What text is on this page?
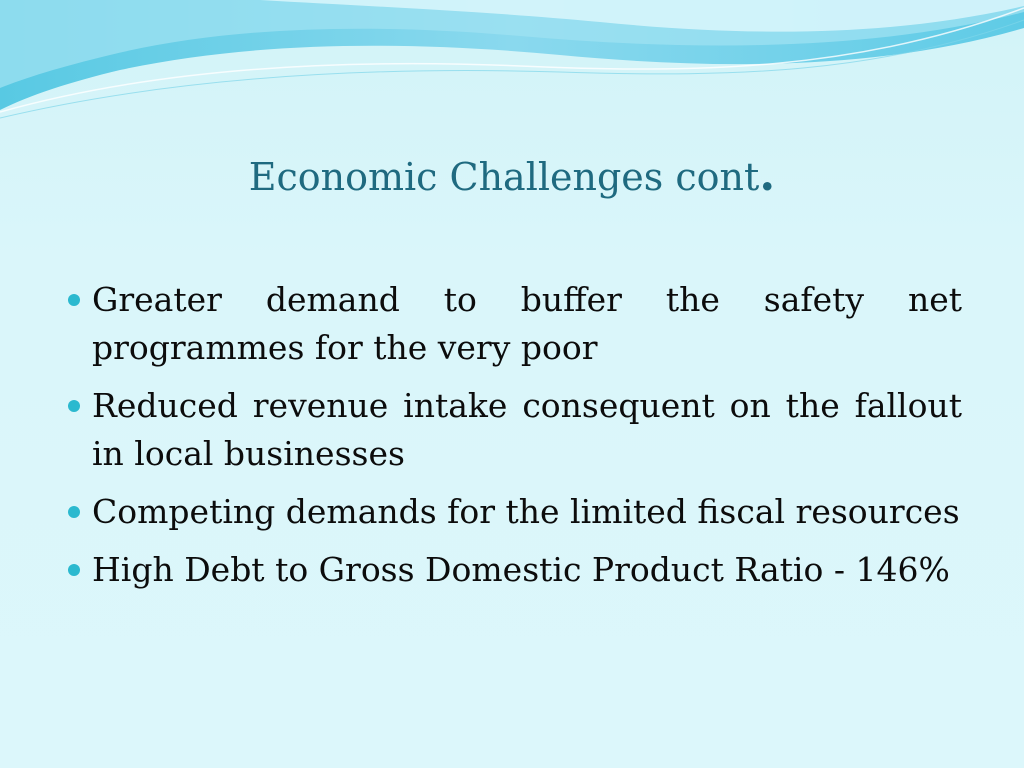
Economic Challenges cont.
Greater demand to buffer the safety net programmes for the very poor
Reduced revenue intake consequent on the fallout in local businesses
Competing demands for the limited fiscal resources
High Debt to Gross Domestic Product Ratio - 146%
